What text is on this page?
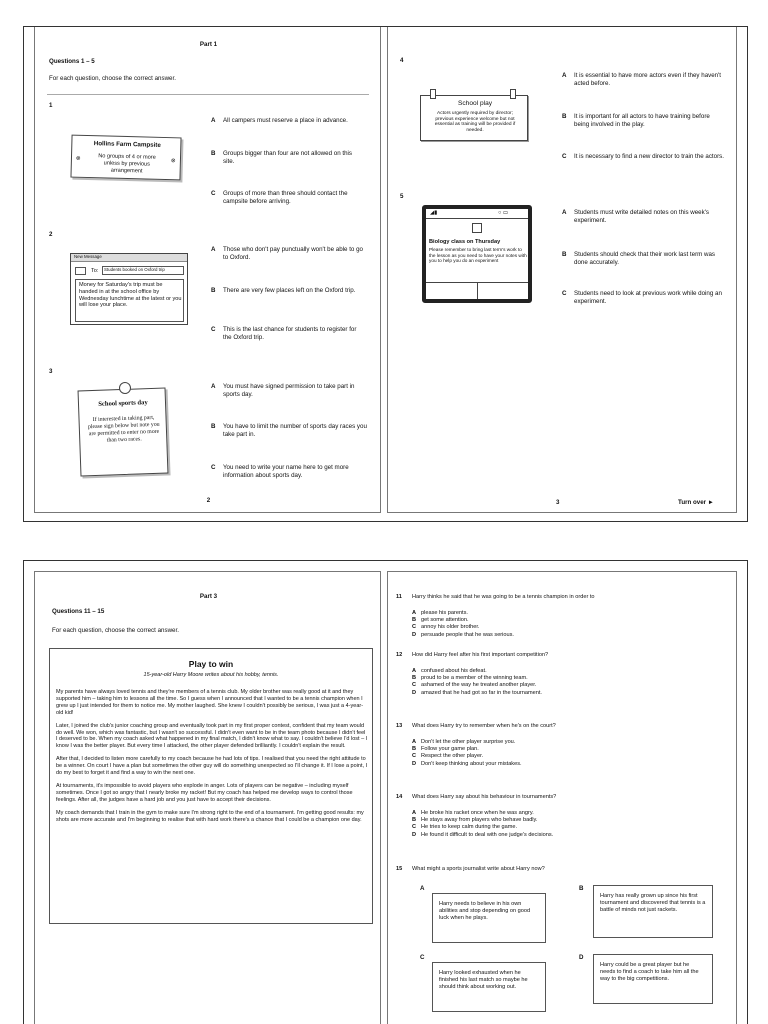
Part 1
Questions 1 – 5
For each question, choose the correct answer.
1
Hollins Farm Campsite
No groups of 4 or more unless by previous arrangement
⊗	⊗
A All campers must reserve a place in advance.
B Groups bigger than four are not allowed on this site.
C Groups of more than three should contact the campsite before arriving.
2
New Message
To: Students booked on Oxford trip
Money for Saturday's trip must be handed in at the school office by Wednesday lunchtime at the latest or you will lose your place.
A Those who don't pay punctually won't be able to go to Oxford.
B There are very few places left on the Oxford trip.
C This is the last chance for students to register for the Oxford trip.
3
School sports day
If interested in taking part, please sign below but note you are permitted to enter no more than two races.
A You must have signed permission to take part in sports day.
B You have to limit the number of sports day races you take part in.
C You need to write your name here to get more information about sports day.
2
4
School play
Actors urgently required by director; previous experience welcome but not essential as training will be provided if needed.
A It is essential to have more actors even if they haven't acted before.
B It is important for all actors to have training before being involved in the play.
C It is necessary to find a new director to train the actors.
5
◢▮	○ ▭
Biology class on Thursday
Please remember to bring last term's work to the lesson as you need to have your notes with you to help you do an experiment
A Students must write detailed notes on this week's experiment.
B Students should check that their work last term was done accurately.
C Students need to look at previous work while doing an experiment.
3	Turn over ►
Part 3
Questions 11 – 15
For each question, choose the correct answer.
Play to win
15-year-old Harry Moore writes about his hobby, tennis.

My parents have always loved tennis and they're members of a tennis club. My older brother was really good at it and they supported him – taking him to lessons all the time. So I guess when I announced that I wanted to be a tennis champion when I grew up I just intended for them to notice me. My mother laughed. She knew I couldn't possibly be serious, I was just a 4-year-old kid!

Later, I joined the club's junior coaching group and eventually took part in my first proper contest, confident that my team would do well. We won, which was fantastic, but I wasn't so successful. I didn't even want to be in the team photo because I didn't feel I deserved to be. When my coach asked what happened in my final match, I didn't know what to say. I couldn't believe I'd lost – I know I was the better player. But every time I attacked, the other player defended brilliantly. I couldn't explain the result.

After that, I decided to listen more carefully to my coach because he had lots of tips. I realised that you need the right attitude to be a winner. On court I have a plan but sometimes the other guy will do something unexpected so I'll change it. If I lose a point, I do my best to forget it and find a way to win the next one.

At tournaments, it's impossible to avoid players who explode in anger. Lots of players can be negative – including myself sometimes. Once I got so angry that I nearly broke my racket! But my coach has helped me develop ways to control those feelings. After all, the judges have a hard job and you just have to accept their decisions.

My coach demands that I train in the gym to make sure I'm strong right to the end of a tournament. I'm getting good results: my shots are more accurate and I'm beginning to realise that with hard work there's a chance that I could be a champion one day.

11 Harry thinks he said that he was going to be a tennis champion in order to
A please his parents.
B get some attention.
C annoy his older brother.
D persuade people that he was serious.
12 How did Harry feel after his first important competition?
A confused about his defeat.
B proud to be a member of the winning team.
C ashamed of the way he treated another player.
D amazed that he had got so far in the tournament.
13 What does Harry try to remember when he's on the court?
A Don't let the other player surprise you.
B Follow your game plan.
C Respect the other player.
D Don't keep thinking about your mistakes.
14 What does Harry say about his behaviour in tournaments?
A He broke his racket once when he was angry.
B He stays away from players who behave badly.
C He tries to keep calm during the game.
D He found it difficult to deal with one judge's decisions.
15 What might a sports journalist write about Harry now?
A
Harry needs to believe in his own abilities and stop depending on good luck when he plays.
B
Harry has really grown up since his first tournament and discovered that tennis is a battle of minds not just rackets.
C
Harry looked exhausted when he finished his last match so maybe he should think about working out.
D
Harry could be a great player but he needs to find a coach to take him all the way to the big competitions.
